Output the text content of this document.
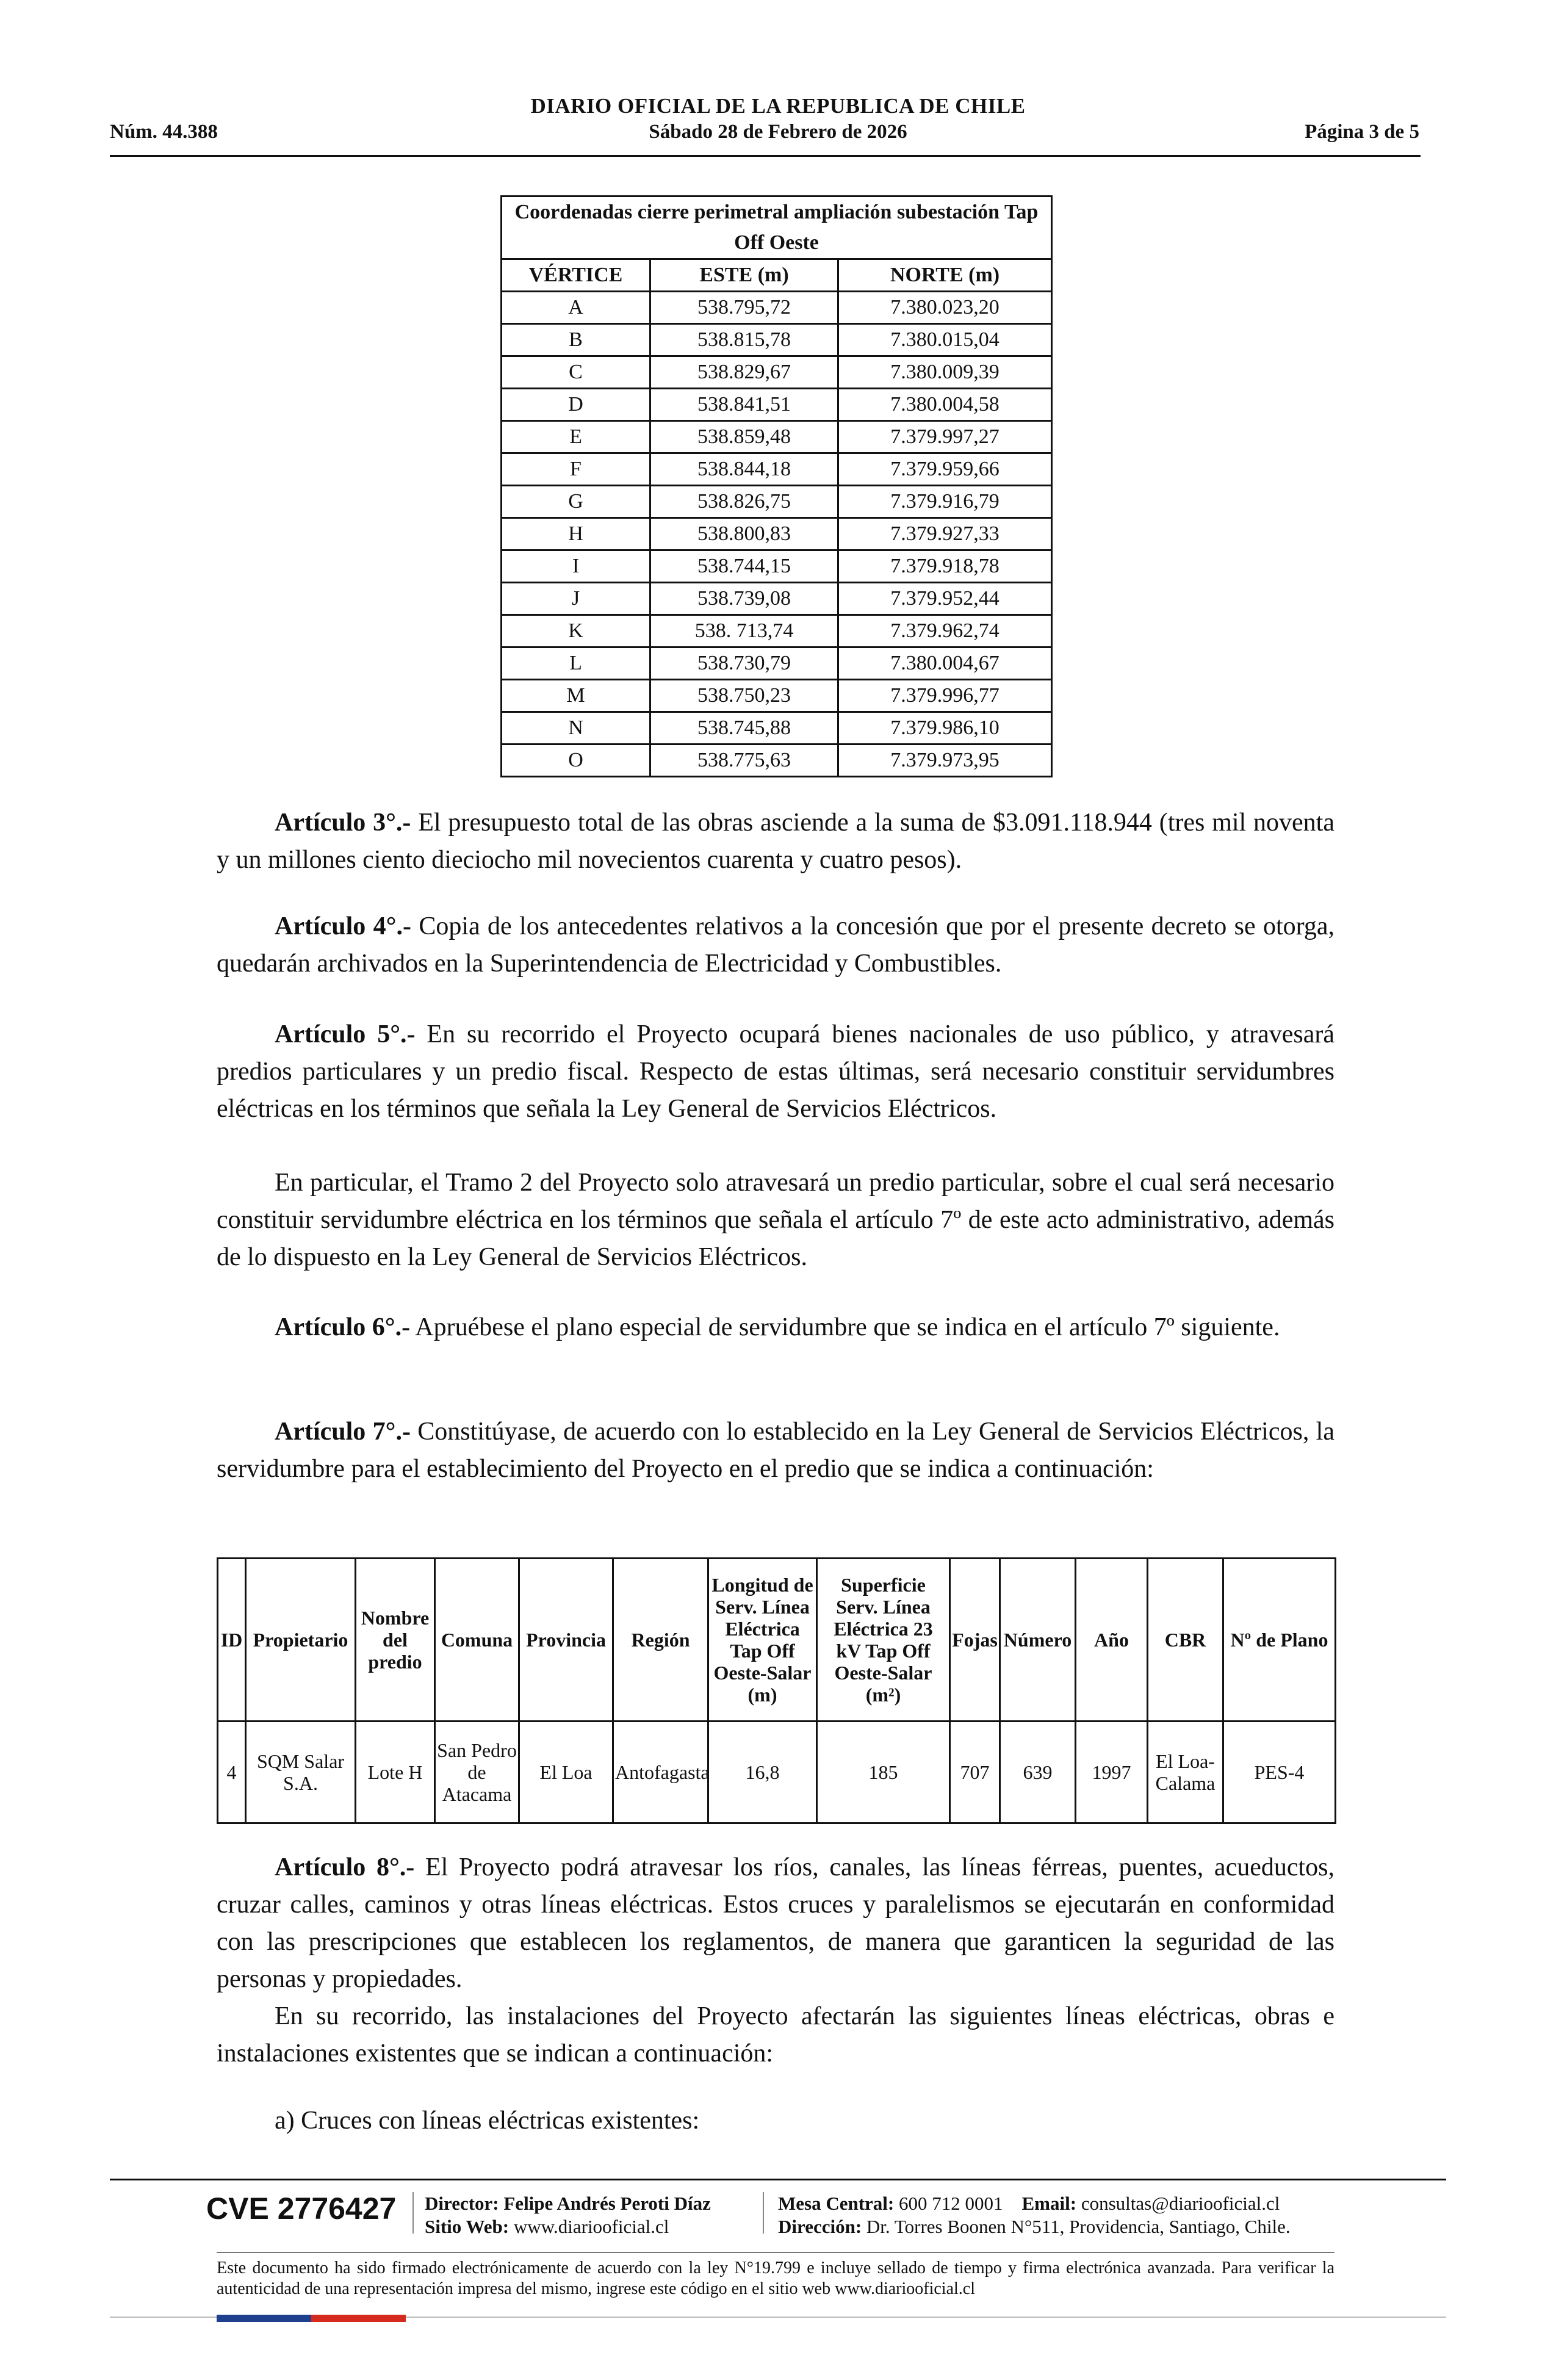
DIARIO OFICIAL DE LA REPUBLICA DE CHILE
Núm. 44.388	Sábado 28 de Febrero de 2026	Página 3 de 5
Coordenadas cierre perimetral ampliación subestación Tap Off Oeste		
VÉRTICE	ESTE (m)	NORTE (m)
A	538.795,72	7.380.023,20
B	538.815,78	7.380.015,04
C	538.829,67	7.380.009,39
D	538.841,51	7.380.004,58
E	538.859,48	7.379.997,27
F	538.844,18	7.379.959,66
G	538.826,75	7.379.916,79
H	538.800,83	7.379.927,33
I	538.744,15	7.379.918,78
J	538.739,08	7.379.952,44
K	538. 713,74	7.379.962,74
L	538.730,79	7.380.004,67
M	538.750,23	7.379.996,77
N	538.745,88	7.379.986,10
O	538.775,63	7.379.973,95
Artículo 3°.- El presupuesto total de las obras asciende a la suma de $3.091.118.944 (tres mil noventa y un millones ciento dieciocho mil novecientos cuarenta y cuatro pesos).
Artículo 4°.- Copia de los antecedentes relativos a la concesión que por el presente decreto se otorga, quedarán archivados en la Superintendencia de Electricidad y Combustibles.
Artículo 5°.- En su recorrido el Proyecto ocupará bienes nacionales de uso público, y atravesará predios particulares y un predio fiscal. Respecto de estas últimas, será necesario constituir servidumbres eléctricas en los términos que señala la Ley General de Servicios Eléctricos.
En particular, el Tramo 2 del Proyecto solo atravesará un predio particular, sobre el cual será necesario constituir servidumbre eléctrica en los términos que señala el artículo 7º de este acto administrativo, además de lo dispuesto en la Ley General de Servicios Eléctricos.
Artículo 6°.- Apruébese el plano especial de servidumbre que se indica en el artículo 7º siguiente.
Artículo 7°.- Constitúyase, de acuerdo con lo establecido en la Ley General de Servicios Eléctricos, la servidumbre para el establecimiento del Proyecto en el predio que se indica a continuación:
ID	Propietario	Nombre del predio	Comuna	Provincia	Región	Longitud de Serv. Línea Eléctrica Tap Off Oeste-Salar (m)	Superficie Serv. Línea Eléctrica 23 kV Tap Off Oeste-Salar (m²)	Fojas	Número	Año	CBR	Nº de Plano
4	SQM Salar S.A.	Lote H	San Pedro de Atacama	El Loa	Antofagasta	16,8	185	707	639	1997	El Loa-Calama	PES-4
Artículo 8°.- El Proyecto podrá atravesar los ríos, canales, las líneas férreas, puentes, acueductos, cruzar calles, caminos y otras líneas eléctricas. Estos cruces y paralelismos se ejecutarán en conformidad con las prescripciones que establecen los reglamentos, de manera que garanticen la seguridad de las personas y propiedades.
En su recorrido, las instalaciones del Proyecto afectarán las siguientes líneas eléctricas, obras e instalaciones existentes que se indican a continuación:
a) Cruces con líneas eléctricas existentes:
CVE 2776427 Director: Felipe Andrés Peroti Díaz
Sitio Web: www.diariooficial.cl
Mesa Central: 600 712 0001 Email: consultas@diariooficial.cl
Dirección: Dr. Torres Boonen N°511, Providencia, Santiago, Chile.
Este documento ha sido firmado electrónicamente de acuerdo con la ley N°19.799 e incluye sellado de tiempo y firma electrónica avanzada. Para verificar la autenticidad de una representación impresa del mismo, ingrese este código en el sitio web www.diariooficial.cl
